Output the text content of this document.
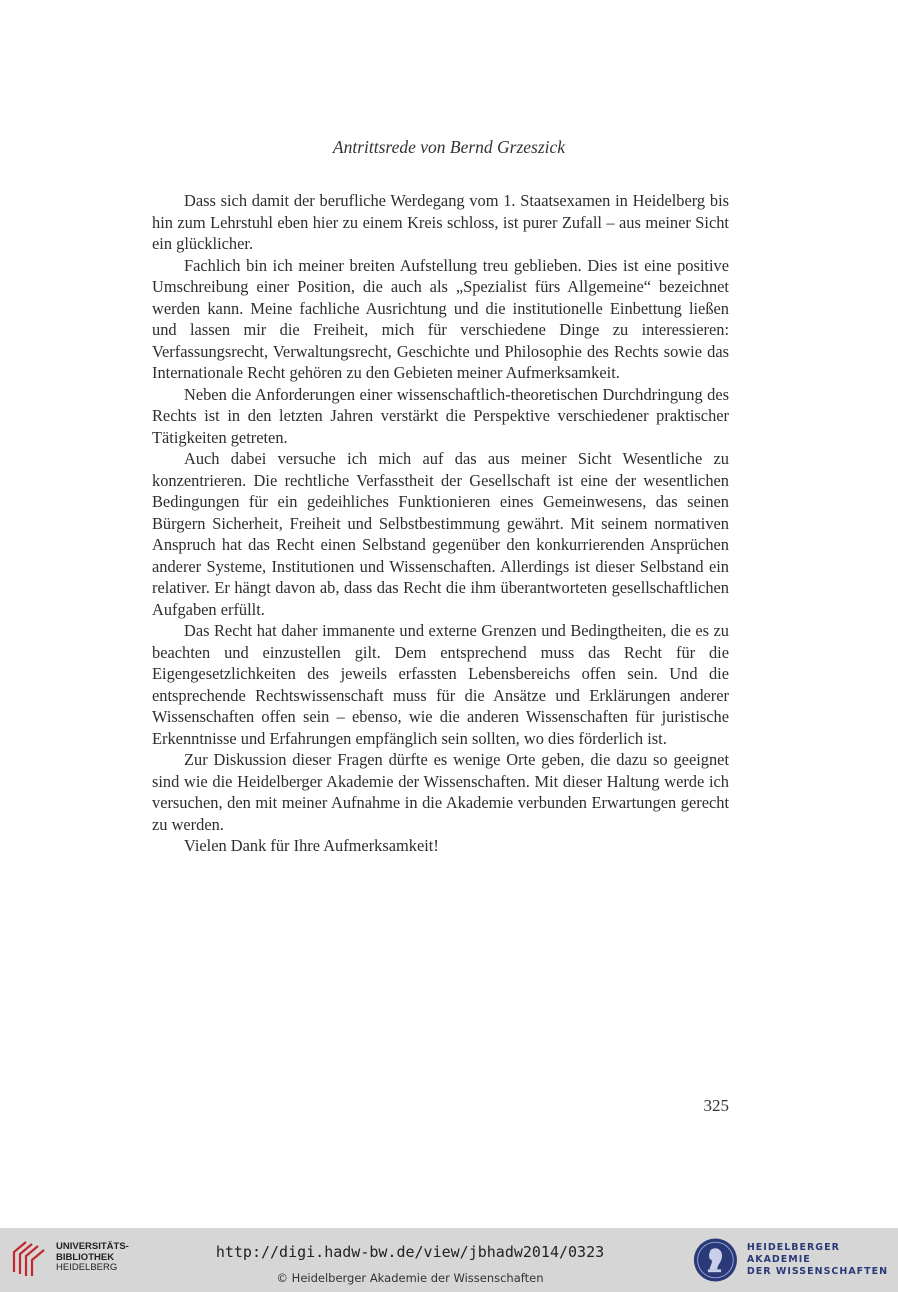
Antrittsrede von Bernd Grzeszick

Dass sich damit der berufliche Werdegang vom 1. Staatsexamen in Heidelberg bis hin zum Lehrstuhl eben hier zu einem Kreis schloss, ist purer Zufall – aus meiner Sicht ein glücklicher.

Fachlich bin ich meiner breiten Aufstellung treu geblieben. Dies ist eine positive Umschreibung einer Position, die auch als „Spezialist fürs Allgemeine“ bezeichnet werden kann. Meine fachliche Ausrichtung und die institutionelle Einbettung ließen und lassen mir die Freiheit, mich für verschiedene Dinge zu interessieren: Verfassungsrecht, Verwaltungsrecht, Geschichte und Philosophie des Rechts sowie das Internationale Recht gehören zu den Gebieten meiner Aufmerksamkeit.

Neben die Anforderungen einer wissenschaftlich-theoretischen Durchdringung des Rechts ist in den letzten Jahren verstärkt die Perspektive verschiedener praktischer Tätigkeiten getreten.

Auch dabei versuche ich mich auf das aus meiner Sicht Wesentliche zu konzentrieren. Die rechtliche Verfasstheit der Gesellschaft ist eine der wesentlichen Bedingungen für ein gedeihliches Funktionieren eines Gemeinwesens, das seinen Bürgern Sicherheit, Freiheit und Selbstbestimmung gewährt. Mit seinem normativen Anspruch hat das Recht einen Selbstand gegenüber den konkurrierenden Ansprüchen anderer Systeme, Institutionen und Wissenschaften. Allerdings ist dieser Selbstand ein relativer. Er hängt davon ab, dass das Recht die ihm überantworteten gesellschaftlichen Aufgaben erfüllt.

Das Recht hat daher immanente und externe Grenzen und Bedingtheiten, die es zu beachten und einzustellen gilt. Dem entsprechend muss das Recht für die Eigengesetzlichkeiten des jeweils erfassten Lebensbereichs offen sein. Und die entsprechende Rechtswissenschaft muss für die Ansätze und Erklärungen anderer Wissenschaften offen sein – ebenso, wie die anderen Wissenschaften für juristische Erkenntnisse und Erfahrungen empfänglich sein sollten, wo dies förderlich ist.

Zur Diskussion dieser Fragen dürfte es wenige Orte geben, die dazu so geeignet sind wie die Heidelberger Akademie der Wissenschaften. Mit dieser Haltung werde ich versuchen, den mit meiner Aufnahme in die Akademie verbunden Erwartungen gerecht zu werden.

Vielen Dank für Ihre Aufmerksamkeit!

325
UNIVERSITÄTS-
BIBLIOTHEK
HEIDELBERG
http://digi.hadw-bw.de/view/jbhadw2014/0323
© Heidelberger Akademie der Wissenschaften
HEIDELBERGER AKADEMIE
DER WISSENSCHAFTEN
